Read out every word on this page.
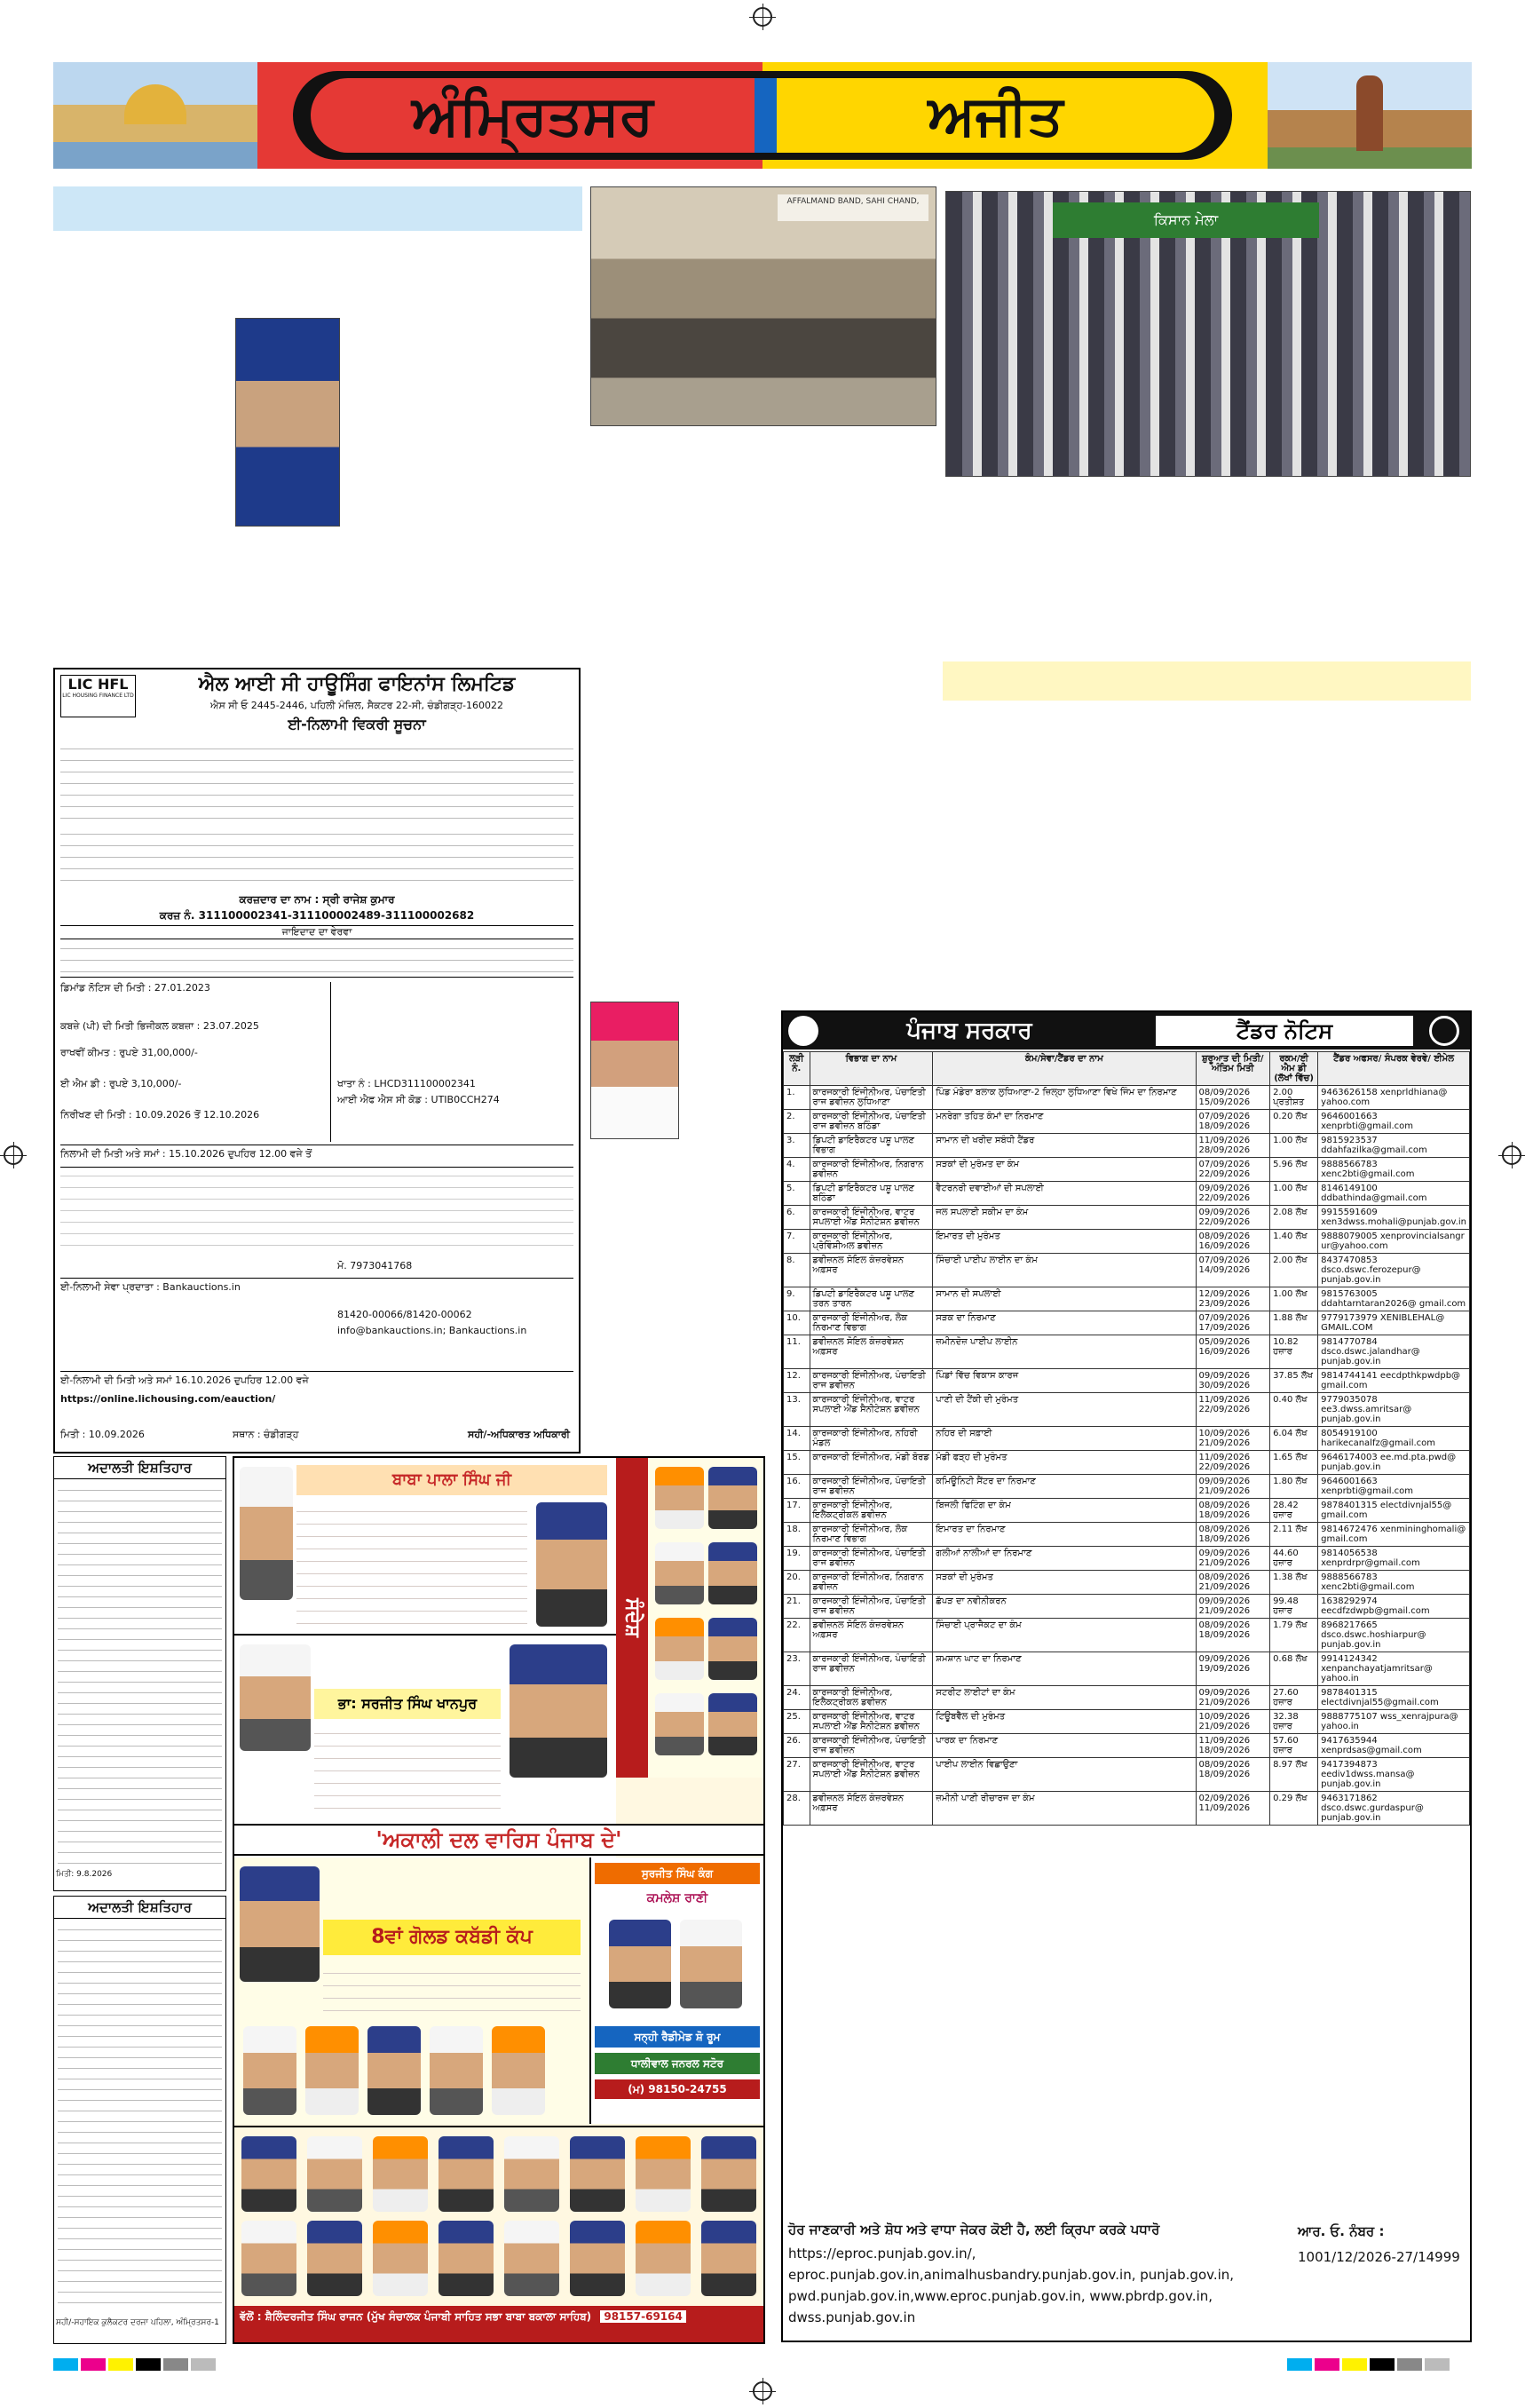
ਅੰਮ੍ਰਿਤਸਰ	ਅਜੀਤ
AFFALMAND BAND, SAHI CHAND,
ਕਿਸਾਨ ਮੇਲਾ
LIC HFL
LIC HOUSING FINANCE LTD
ਐਲ ਆਈ ਸੀ ਹਾਊਸਿੰਗ ਫਾਇਨਾਂਸ ਲਿਮਟਿਡ
ਐਸ ਸੀ ਓ 2445-2446, ਪਹਿਲੀ ਮੰਜ਼ਿਲ, ਸੈਕਟਰ 22-ਸੀ, ਚੰਡੀਗੜ੍ਹ-160022
ਈ-ਨਿਲਾਮੀ ਵਿਕਰੀ ਸੂਚਨਾ
ਕਰਜ਼ਦਾਰ ਦਾ ਨਾਮ : ਸ੍ਰੀ ਰਾਜੇਸ਼ ਕੁਮਾਰ
ਕਰਜ਼ ਨੰ. 311100002341-311100002489-311100002682
ਜਾਇਦਾਦ ਦਾ ਵੇਰਵਾ
ਡਿਮਾਂਡ ਨੋਟਿਸ ਦੀ ਮਿਤੀ : 27.01.2023
ਕਬਜ਼ੇ (ਪੀ) ਦੀ ਮਿਤੀ ਭਿਜੀਕਲ ਕਬਜ਼ਾ : 23.07.2025
ਰਾਖਵੀਂ ਕੀਮਤ : ਰੁਪਏ 31,00,000/-
ਈ ਐਮ ਡੀ : ਰੁਪਏ 3,10,000/-
ਨਿਰੀਖਣ ਦੀ ਮਿਤੀ : 10.09.2026 ਤੋਂ 12.10.2026
ਖਾਤਾ ਨੰ : LHCD311100002341
ਆਈ ਐਫ ਐਸ ਸੀ ਕੋਡ : UTIB0CCH274
ਨਿਲਾਮੀ ਦੀ ਮਿਤੀ ਅਤੇ ਸਮਾਂ : 15.10.2026 ਦੁਪਹਿਰ 12.00 ਵਜੇ ਤੋਂ
ਮੋ. 7973041768
ਈ-ਨਿਲਾਮੀ ਸੇਵਾ ਪ੍ਰਦਾਤਾ : Bankauctions.in
81420-00066/81420-00062
info@bankauctions.in; Bankauctions.in
ਈ-ਨਿਲਾਮੀ ਦੀ ਮਿਤੀ ਅਤੇ ਸਮਾਂ 16.10.2026 ਦੁਪਹਿਰ 12.00 ਵਜੇ
https://online.lichousing.com/eauction/
ਮਿਤੀ : 10.09.2026	ਸਥਾਨ : ਚੰਡੀਗੜ੍ਹ	ਸਹੀ/-ਅਧਿਕਾਰਤ ਅਧਿਕਾਰੀ
ਅਦਾਲਤੀ ਇਸ਼ਤਿਹਾਰ
ਮਿਤੀ: 9.8.2026
ਅਦਾਲਤੀ ਇਸ਼ਤਿਹਾਰ
ਸਹੀ/-ਸਹਾਇਕ ਕੁਲੈਕਟਰ ਦਰਜਾ ਪਹਿਲਾ, ਅੰਮ੍ਰਿਤਸਰ-1
ਬਾਬਾ ਪਾਲਾ ਸਿੰਘ ਜੀ
ਸੰਦੇਸ਼
ਭਾ: ਸਰਜੀਤ ਸਿੰਘ ਖਾਨਪੁਰ
'ਅਕਾਲੀ ਦਲ ਵਾਰਿਸ ਪੰਜਾਬ ਦੇ'
8ਵਾਂ ਗੋਲਡ ਕਬੱਡੀ ਕੱਪ
ਸੁਰਜੀਤ ਸਿੰਘ ਕੰਗ
ਕਮਲੇਸ਼ ਰਾਣੀ
ਸਨ੍ਹੀ ਰੈਡੀਮੇਡ ਸ਼ੋ ਰੂਮ
ਧਾਲੀਵਾਲ ਜਨਰਲ ਸਟੋਰ
(ਮ) 98150-24755
ਵੱਲੋਂ : ਸ਼ੈਲਿੰਦਰਜੀਤ ਸਿੰਘ ਰਾਜਨ (ਮੁੱਖ ਸੰਚਾਲਕ ਪੰਜਾਬੀ ਸਾਹਿਤ ਸਭਾ ਬਾਬਾ ਬਕਾਲਾ ਸਾਹਿਬ) 98157-69164
ਪੰਜਾਬ ਸਰਕਾਰ	ਟੈਂਡਰ ਨੋਟਿਸ
ਲੜੀ ਨੰ.	ਵਿਭਾਗ ਦਾ ਨਾਮ	ਕੰਮ/ਸੇਵਾ/ਟੈਂਡਰ ਦਾ ਨਾਮ	ਸ਼ੁਰੂਆਤ ਦੀ ਮਿਤੀ/ ਅੰਤਿਮ ਮਿਤੀ	ਰਕਮ/ਈ ਐਮ ਡੀ (ਲੱਖਾਂ ਵਿੱਚ)	ਟੈਂਡਰ ਅਫਸਰ/ ਸੰਪਰਕ ਵੇਰਵੇ/ ਈਮੇਲ
1.	ਕਾਰਜਕਾਰੀ ਇੰਜੀਨੀਅਰ, ਪੰਚਾਇਤੀ ਰਾਜ ਡਵੀਜ਼ਨ ਲੁਧਿਆਣਾ	ਪਿੰਡ ਮੰਡੇਰਾ ਬਲਾਕ ਲੁਧਿਆਣਾ-2 ਜ਼ਿਲ੍ਹਾ ਲੁਧਿਆਣਾ ਵਿਖੇ ਜਿੰਮ ਦਾ ਨਿਰਮਾਣ	08/09/2026 15/09/2026	2.00 ਪ੍ਰਤੀਸ਼ਤ	9463626158 xenprldhiana@ yahoo.com
2.	ਕਾਰਜਕਾਰੀ ਇੰਜੀਨੀਅਰ, ਪੰਚਾਇਤੀ ਰਾਜ ਡਵੀਜ਼ਨ ਬਠਿੰਡਾ	ਮਨਰੇਗਾ ਤਹਿਤ ਕੰਮਾਂ ਦਾ ਨਿਰਮਾਣ	07/09/2026 18/09/2026	0.20 ਲੱਖ	9646001663 xenprbti@gmail.com
3.	ਡਿਪਟੀ ਡਾਇਰੈਕਟਰ ਪਸ਼ੂ ਪਾਲਣ ਵਿਭਾਗ	ਸਾਮਾਨ ਦੀ ਖਰੀਦ ਸਬੰਧੀ ਟੈਂਡਰ	11/09/2026 28/09/2026	1.00 ਲੱਖ	9815923537 ddahfazilka@gmail.com
4.	ਕਾਰਜਕਾਰੀ ਇੰਜੀਨੀਅਰ, ਨਿਗਰਾਨ ਡਵੀਜ਼ਨ	ਸੜਕਾਂ ਦੀ ਮੁਰੰਮਤ ਦਾ ਕੰਮ	07/09/2026 22/09/2026	5.96 ਲੱਖ	9888566783 xenc2bti@gmail.com
5.	ਡਿਪਟੀ ਡਾਇਰੈਕਟਰ ਪਸ਼ੂ ਪਾਲਣ ਬਠਿੰਡਾ	ਵੈਟਰਨਰੀ ਦਵਾਈਆਂ ਦੀ ਸਪਲਾਈ	09/09/2026 22/09/2026	1.00 ਲੱਖ	8146149100 ddbathinda@gmail.com
6.	ਕਾਰਜਕਾਰੀ ਇੰਜੀਨੀਅਰ, ਵਾਟਰ ਸਪਲਾਈ ਐਂਡ ਸੈਨੀਟੇਸ਼ਨ ਡਵੀਜ਼ਨ	ਜਲ ਸਪਲਾਈ ਸਕੀਮ ਦਾ ਕੰਮ	09/09/2026 22/09/2026	2.08 ਲੱਖ	9915591609 xen3dwss.mohali@punjab.gov.in
7.	ਕਾਰਜਕਾਰੀ ਇੰਜੀਨੀਅਰ, ਪ੍ਰੋਵਿੰਸ਼ੀਅਲ ਡਵੀਜ਼ਨ	ਇਮਾਰਤ ਦੀ ਮੁਰੰਮਤ	08/09/2026 16/09/2026	1.40 ਲੱਖ	9888079005 xenprovincialsangr ur@yahoo.com
8.	ਡਵੀਜ਼ਨਲ ਸੋਇਲ ਕੰਜ਼ਰਵੇਸ਼ਨ ਅਫ਼ਸਰ	ਸਿੰਚਾਈ ਪਾਈਪ ਲਾਈਨ ਦਾ ਕੰਮ	07/09/2026 14/09/2026	2.00 ਲੱਖ	8437470853 dsco.dswc.ferozepur@ punjab.gov.in
9.	ਡਿਪਟੀ ਡਾਇਰੈਕਟਰ ਪਸ਼ੂ ਪਾਲਣ ਤਰਨ ਤਾਰਨ	ਸਾਮਾਨ ਦੀ ਸਪਲਾਈ	12/09/2026 23/09/2026	1.00 ਲੱਖ	9815763005 ddahtarntaran2026@ gmail.com
10.	ਕਾਰਜਕਾਰੀ ਇੰਜੀਨੀਅਰ, ਲੋਕ ਨਿਰਮਾਣ ਵਿਭਾਗ	ਸੜਕ ਦਾ ਨਿਰਮਾਣ	07/09/2026 17/09/2026	1.88 ਲੱਖ	9779173979 XENIBLEHAL@ GMAIL.COM
11.	ਡਵੀਜ਼ਨਲ ਸੋਇਲ ਕੰਜ਼ਰਵੇਸ਼ਨ ਅਫ਼ਸਰ	ਜ਼ਮੀਨਦੋਜ਼ ਪਾਈਪ ਲਾਈਨ	05/09/2026 16/09/2026	10.82 ਹਜ਼ਾਰ	9814770784 dsco.dswc.jalandhar@ punjab.gov.in
12.	ਕਾਰਜਕਾਰੀ ਇੰਜੀਨੀਅਰ, ਪੰਚਾਇਤੀ ਰਾਜ ਡਵੀਜ਼ਨ	ਪਿੰਡਾਂ ਵਿੱਚ ਵਿਕਾਸ ਕਾਰਜ	09/09/2026 30/09/2026	37.85 ਲੱਖ	9814744141 eecdpthkpwdpb@ gmail.com
13.	ਕਾਰਜਕਾਰੀ ਇੰਜੀਨੀਅਰ, ਵਾਟਰ ਸਪਲਾਈ ਐਂਡ ਸੈਨੀਟੇਸ਼ਨ ਡਵੀਜ਼ਨ	ਪਾਣੀ ਦੀ ਟੈਂਕੀ ਦੀ ਮੁਰੰਮਤ	11/09/2026 22/09/2026	0.40 ਲੱਖ	9779035078 ee3.dwss.amritsar@ punjab.gov.in
14.	ਕਾਰਜਕਾਰੀ ਇੰਜੀਨੀਅਰ, ਨਹਿਰੀ ਮੰਡਲ	ਨਹਿਰ ਦੀ ਸਫ਼ਾਈ	10/09/2026 21/09/2026	6.04 ਲੱਖ	8054919100 harikecanalfz@gmail.com
15.	ਕਾਰਜਕਾਰੀ ਇੰਜੀਨੀਅਰ, ਮੰਡੀ ਬੋਰਡ	ਮੰਡੀ ਫੜ੍ਹ ਦੀ ਮੁਰੰਮਤ	11/09/2026 22/09/2026	1.65 ਲੱਖ	9646174003 ee.md.pta.pwd@ punjab.gov.in
16.	ਕਾਰਜਕਾਰੀ ਇੰਜੀਨੀਅਰ, ਪੰਚਾਇਤੀ ਰਾਜ ਡਵੀਜ਼ਨ	ਕਮਿਊਨਿਟੀ ਸੈਂਟਰ ਦਾ ਨਿਰਮਾਣ	09/09/2026 21/09/2026	1.80 ਲੱਖ	9646001663 xenprbti@gmail.com
17.	ਕਾਰਜਕਾਰੀ ਇੰਜੀਨੀਅਰ, ਇਲੈਕਟ੍ਰੀਕਲ ਡਵੀਜ਼ਨ	ਬਿਜਲੀ ਫਿਟਿੰਗ ਦਾ ਕੰਮ	08/09/2026 18/09/2026	28.42 ਹਜ਼ਾਰ	9878401315 electdivnjal55@ gmail.com
18.	ਕਾਰਜਕਾਰੀ ਇੰਜੀਨੀਅਰ, ਲੋਕ ਨਿਰਮਾਣ ਵਿਭਾਗ	ਇਮਾਰਤ ਦਾ ਨਿਰਮਾਣ	08/09/2026 18/09/2026	2.11 ਲੱਖ	9814672476 xenmininghomali@ gmail.com
19.	ਕਾਰਜਕਾਰੀ ਇੰਜੀਨੀਅਰ, ਪੰਚਾਇਤੀ ਰਾਜ ਡਵੀਜ਼ਨ	ਗਲੀਆਂ ਨਾਲੀਆਂ ਦਾ ਨਿਰਮਾਣ	09/09/2026 21/09/2026	44.60 ਹਜ਼ਾਰ	9814056538 xenprdrpr@gmail.com
20.	ਕਾਰਜਕਾਰੀ ਇੰਜੀਨੀਅਰ, ਨਿਗਰਾਨ ਡਵੀਜ਼ਨ	ਸੜਕਾਂ ਦੀ ਮੁਰੰਮਤ	08/09/2026 21/09/2026	1.38 ਲੱਖ	9888566783 xenc2bti@gmail.com
21.	ਕਾਰਜਕਾਰੀ ਇੰਜੀਨੀਅਰ, ਪੰਚਾਇਤੀ ਰਾਜ ਡਵੀਜ਼ਨ	ਛੱਪੜ ਦਾ ਨਵੀਨੀਕਰਨ	09/09/2026 21/09/2026	99.48 ਹਜ਼ਾਰ	1638292974 eecdfzdwpb@gmail.com
22.	ਡਵੀਜ਼ਨਲ ਸੋਇਲ ਕੰਜ਼ਰਵੇਸ਼ਨ ਅਫ਼ਸਰ	ਸਿੰਚਾਈ ਪ੍ਰਾਜੈਕਟ ਦਾ ਕੰਮ	08/09/2026 18/09/2026	1.79 ਲੱਖ	8968217665 dsco.dswc.hoshiarpur@ punjab.gov.in
23.	ਕਾਰਜਕਾਰੀ ਇੰਜੀਨੀਅਰ, ਪੰਚਾਇਤੀ ਰਾਜ ਡਵੀਜ਼ਨ	ਸ਼ਮਸ਼ਾਨ ਘਾਟ ਦਾ ਨਿਰਮਾਣ	09/09/2026 19/09/2026	0.68 ਲੱਖ	9914124342 xenpanchayatjamritsar@ yahoo.in
24.	ਕਾਰਜਕਾਰੀ ਇੰਜੀਨੀਅਰ, ਇਲੈਕਟ੍ਰੀਕਲ ਡਵੀਜ਼ਨ	ਸਟਰੀਟ ਲਾਈਟਾਂ ਦਾ ਕੰਮ	09/09/2026 21/09/2026	27.60 ਹਜ਼ਾਰ	9878401315 electdivnjal55@gmail.com
25.	ਕਾਰਜਕਾਰੀ ਇੰਜੀਨੀਅਰ, ਵਾਟਰ ਸਪਲਾਈ ਐਂਡ ਸੈਨੀਟੇਸ਼ਨ ਡਵੀਜ਼ਨ	ਟਿਊਬਵੈੱਲ ਦੀ ਮੁਰੰਮਤ	10/09/2026 21/09/2026	32.38 ਹਜ਼ਾਰ	9888775107 wss_xenrajpura@ yahoo.in
26.	ਕਾਰਜਕਾਰੀ ਇੰਜੀਨੀਅਰ, ਪੰਚਾਇਤੀ ਰਾਜ ਡਵੀਜ਼ਨ	ਪਾਰਕ ਦਾ ਨਿਰਮਾਣ	11/09/2026 18/09/2026	57.60 ਹਜ਼ਾਰ	9417635944 xenprdsas@gmail.com
27.	ਕਾਰਜਕਾਰੀ ਇੰਜੀਨੀਅਰ, ਵਾਟਰ ਸਪਲਾਈ ਐਂਡ ਸੈਨੀਟੇਸ਼ਨ ਡਵੀਜ਼ਨ	ਪਾਈਪ ਲਾਈਨ ਵਿਛਾਉਣਾ	08/09/2026 18/09/2026	8.97 ਲੱਖ	9417394873 eediv1dwss.mansa@ punjab.gov.in
28.	ਡਵੀਜ਼ਨਲ ਸੋਇਲ ਕੰਜ਼ਰਵੇਸ਼ਨ ਅਫ਼ਸਰ	ਜ਼ਮੀਨੀ ਪਾਣੀ ਰੀਚਾਰਜ ਦਾ ਕੰਮ	02/09/2026 11/09/2026	0.29 ਲੱਖ	9463171862 dsco.dswc.gurdaspur@ punjab.gov.in
ਹੋਰ ਜਾਣਕਾਰੀ ਅਤੇ ਸ਼ੋਧ ਅਤੇ ਵਾਧਾ ਜੇਕਰ ਕੋਈ ਹੈ, ਲਈ ਕ੍ਰਿਪਾ ਕਰਕੇ ਪਧਾਰੋ
https://eproc.punjab.gov.in/, eproc.punjab.gov.in,animalhusbandry.punjab.gov.in, punjab.gov.in, pwd.punjab.gov.in,www.eproc.punjab.gov.in, www.pbrdp.gov.in, dwss.punjab.gov.in
ਆਰ. ਓ. ਨੰਬਰ :
1001/12/2026-27/14999
